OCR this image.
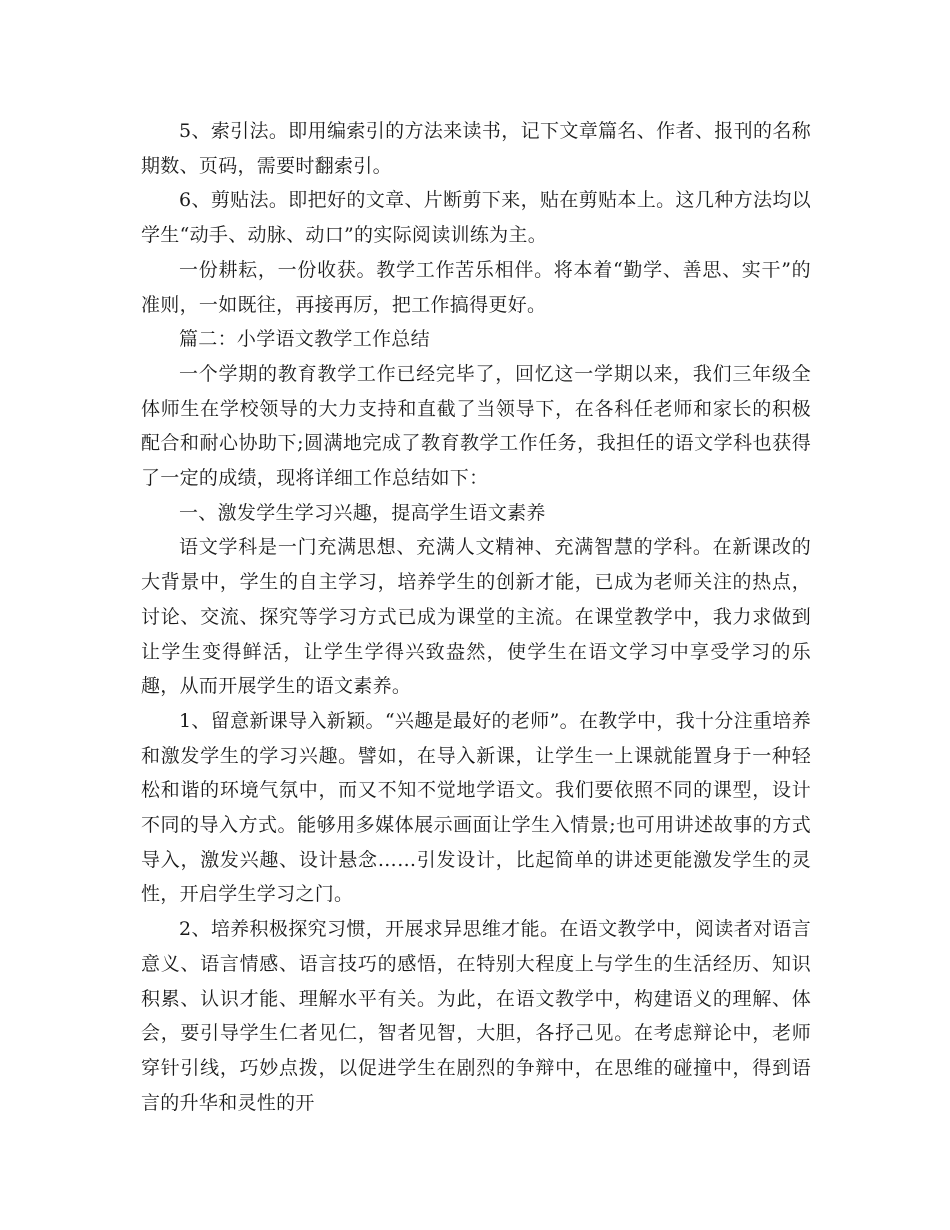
5、索引法。即用编索引的方法来读书，记下文章篇名、作者、报刊的名称期数、页码，需要时翻索引。

6、剪贴法。即把好的文章、片断剪下来，贴在剪贴本上。这几种方法均以学生“动手、动脉、动口”的实际阅读训练为主。

一份耕耘，一份收获。教学工作苦乐相伴。将本着“勤学、善思、实干”的准则，一如既往，再接再厉，把工作搞得更好。

篇二：小学语文教学工作总结

一个学期的教育教学工作已经完毕了，回忆这一学期以来，我们三年级全体师生在学校领导的大力支持和直截了当领导下，在各科任老师和家长的积极配合和耐心协助下;圆满地完成了教育教学工作任务，我担任的语文学科也获得了一定的成绩，现将详细工作总结如下：

一、激发学生学习兴趣，提高学生语文素养

语文学科是一门充满思想、充满人文精神、充满智慧的学科。在新课改的大背景中，学生的自主学习，培养学生的创新才能，已成为老师关注的热点，讨论、交流、探究等学习方式已成为课堂的主流。在课堂教学中，我力求做到让学生变得鲜活，让学生学得兴致盎然，使学生在语文学习中享受学习的乐趣，从而开展学生的语文素养。

1、留意新课导入新颖。“兴趣是最好的老师”。在教学中，我十分注重培养和激发学生的学习兴趣。譬如，在导入新课，让学生一上课就能置身于一种轻松和谐的环境气氛中，而又不知不觉地学语文。我们要依照不同的课型，设计不同的导入方式。能够用多媒体展示画面让学生入情景;也可用讲述故事的方式导入，激发兴趣、设计悬念……引发设计，比起简单的讲述更能激发学生的灵性，开启学生学习之门。

2、培养积极探究习惯，开展求异思维才能。在语文教学中，阅读者对语言意义、语言情感、语言技巧的感悟，在特别大程度上与学生的生活经历、知识积累、认识才能、理解水平有关。为此，在语文教学中，构建语义的理解、体会，要引导学生仁者见仁，智者见智，大胆，各抒己见。在考虑辩论中，老师穿针引线，巧妙点拨，以促进学生在剧烈的争辩中，在思维的碰撞中，得到语言的升华和灵性的开
